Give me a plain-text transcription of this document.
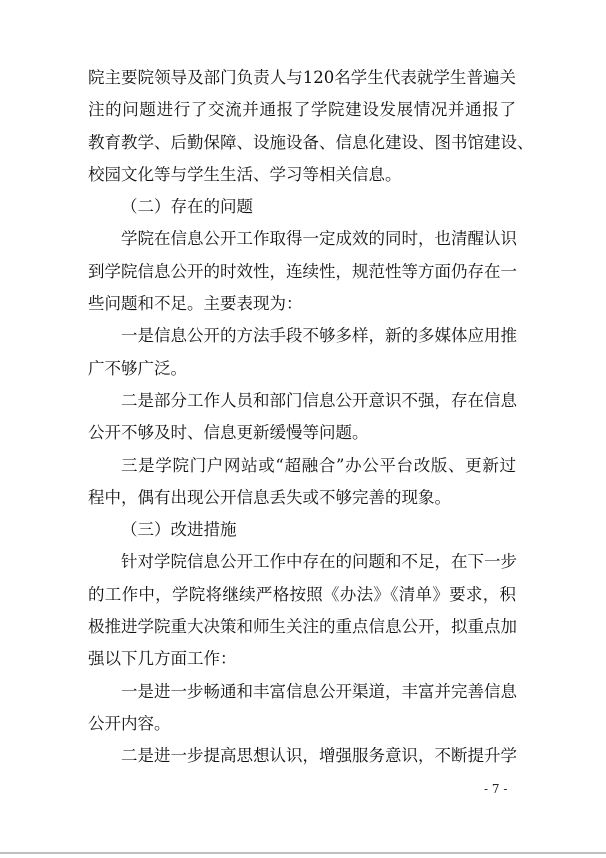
院主要院领导及部门负责人与120名学生代表就学生普遍关
注的问题进行了交流并通报了学院建设发展情况并通报了
教育教学、后勤保障、设施设备、信息化建设、图书馆建设、
校园文化等与学生生活、学习等相关信息。
（二）存在的问题
学院在信息公开工作取得一定成效的同时，也清醒认识
到学院信息公开的时效性，连续性，规范性等方面仍存在一
些问题和不足。主要表现为：
一是信息公开的方法手段不够多样，新的多媒体应用推
广不够广泛。
二是部分工作人员和部门信息公开意识不强，存在信息
公开不够及时、信息更新缓慢等问题。
三是学院门户网站或“超融合”办公平台改版、更新过
程中，偶有出现公开信息丢失或不够完善的现象。
（三）改进措施
针对学院信息公开工作中存在的问题和不足，在下一步
的工作中，学院将继续严格按照《办法》《清单》要求，积
极推进学院重大决策和师生关注的重点信息公开，拟重点加
强以下几方面工作：
一是进一步畅通和丰富信息公开渠道，丰富并完善信息
公开内容。
二是进一步提高思想认识，增强服务意识，不断提升学
- 7 -
